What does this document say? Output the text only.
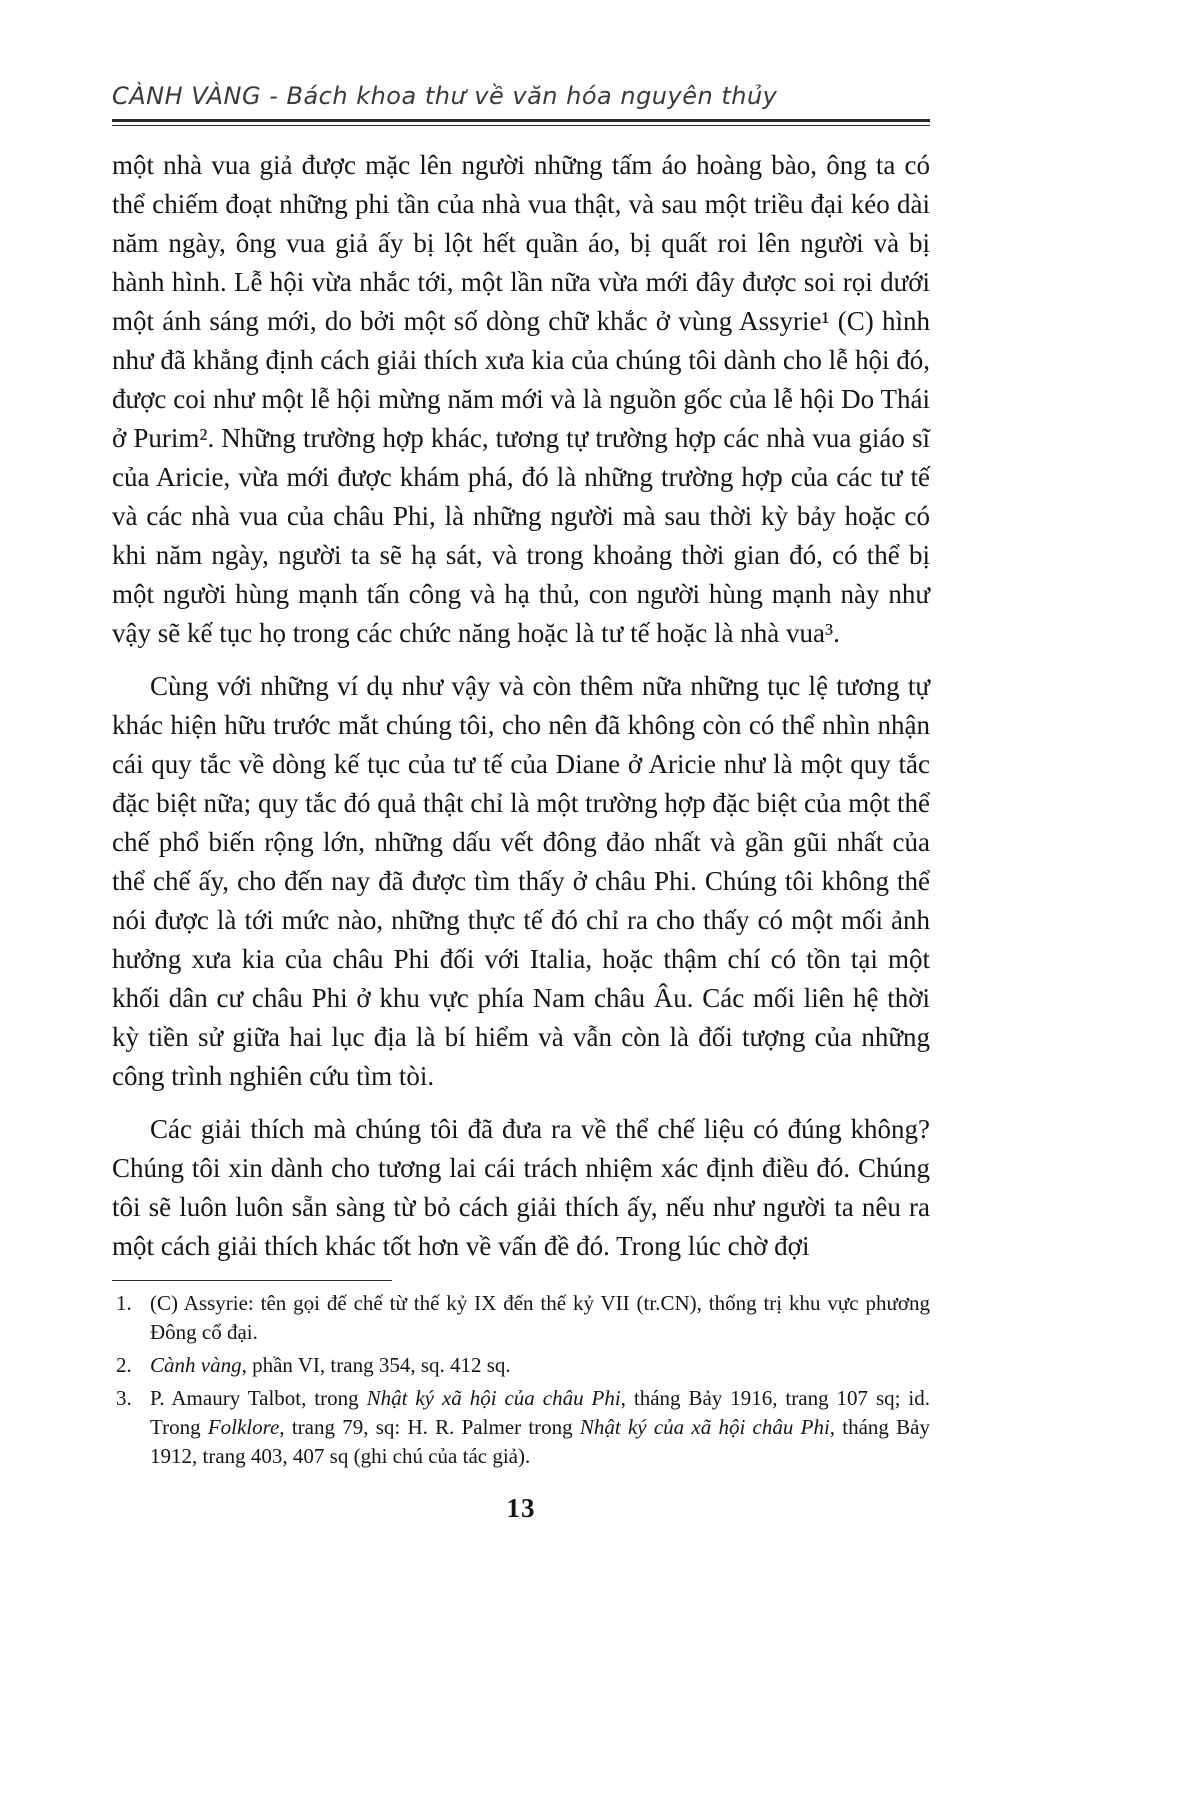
CÀNH VÀNG - Bách khoa thư về văn hóa nguyên thủy

một nhà vua giả được mặc lên người những tấm áo hoàng bào, ông ta có thể chiếm đoạt những phi tần của nhà vua thật, và sau một triều đại kéo dài năm ngày, ông vua giả ấy bị lột hết quần áo, bị quất roi lên người và bị hành hình. Lễ hội vừa nhắc tới, một lần nữa vừa mới đây được soi rọi dưới một ánh sáng mới, do bởi một số dòng chữ khắc ở vùng Assyrie¹ (C) hình như đã khẳng định cách giải thích xưa kia của chúng tôi dành cho lễ hội đó, được coi như một lễ hội mừng năm mới và là nguồn gốc của lễ hội Do Thái ở Purim². Những trường hợp khác, tương tự trường hợp các nhà vua giáo sĩ của Aricie, vừa mới được khám phá, đó là những trường hợp của các tư tế và các nhà vua của châu Phi, là những người mà sau thời kỳ bảy hoặc có khi năm ngày, người ta sẽ hạ sát, và trong khoảng thời gian đó, có thể bị một người hùng mạnh tấn công và hạ thủ, con người hùng mạnh này như vậy sẽ kế tục họ trong các chức năng hoặc là tư tế hoặc là nhà vua³.

Cùng với những ví dụ như vậy và còn thêm nữa những tục lệ tương tự khác hiện hữu trước mắt chúng tôi, cho nên đã không còn có thể nhìn nhận cái quy tắc về dòng kế tục của tư tế của Diane ở Aricie như là một quy tắc đặc biệt nữa; quy tắc đó quả thật chỉ là một trường hợp đặc biệt của một thể chế phổ biến rộng lớn, những dấu vết đông đảo nhất và gần gũi nhất của thể chế ấy, cho đến nay đã được tìm thấy ở châu Phi. Chúng tôi không thể nói được là tới mức nào, những thực tế đó chỉ ra cho thấy có một mối ảnh hưởng xưa kia của châu Phi đối với Italia, hoặc thậm chí có tồn tại một khối dân cư châu Phi ở khu vực phía Nam châu Âu. Các mối liên hệ thời kỳ tiền sử giữa hai lục địa là bí hiểm và vẫn còn là đối tượng của những công trình nghiên cứu tìm tòi.

Các giải thích mà chúng tôi đã đưa ra về thể chế liệu có đúng không? Chúng tôi xin dành cho tương lai cái trách nhiệm xác định điều đó. Chúng tôi sẽ luôn luôn sẵn sàng từ bỏ cách giải thích ấy, nếu như người ta nêu ra một cách giải thích khác tốt hơn về vấn đề đó. Trong lúc chờ đợi

1. (C) Assyrie: tên gọi đế chế từ thế kỷ IX đến thế kỷ VII (tr.CN), thống trị khu vực phương Đông cổ đại.
2. Cành vàng, phần VI, trang 354, sq. 412 sq.
3. P. Amaury Talbot, trong Nhật ký xã hội của châu Phi, tháng Bảy 1916, trang 107 sq; id. Trong Folklore, trang 79, sq: H. R. Palmer trong Nhật ký của xã hội châu Phi, tháng Bảy 1912, trang 403, 407 sq (ghi chú của tác giả).
13
